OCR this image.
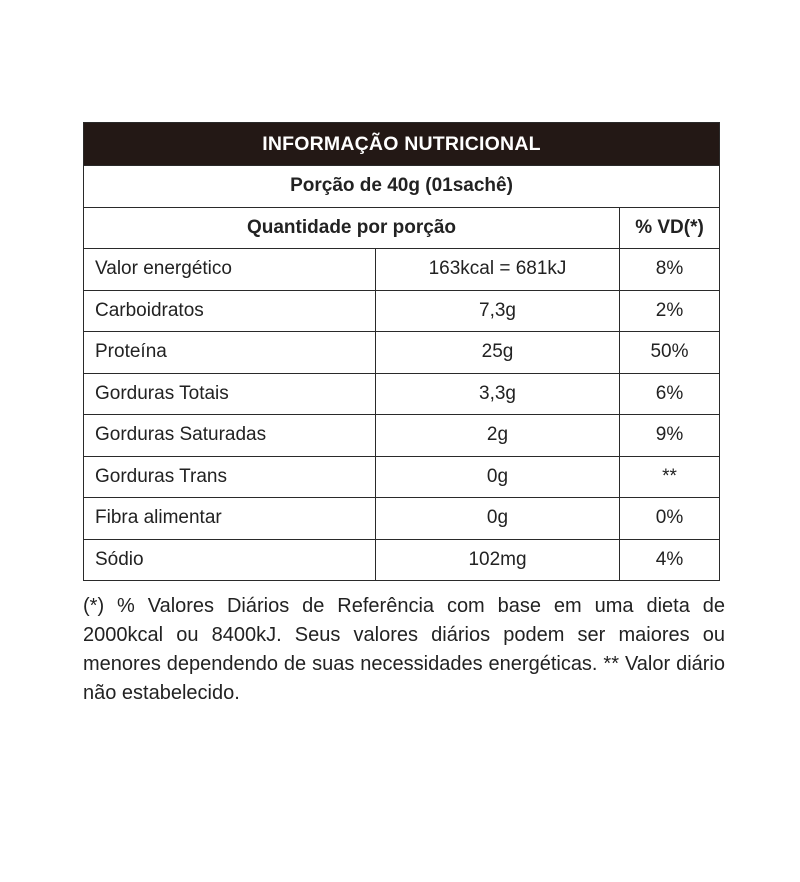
INFORMAÇÃO NUTRICIONAL		
Porção de 40g (01sachê)		
Quantidade por porção		% VD(*)
Valor energético	163kcal = 681kJ	8%
Carboidratos	7,3g	2%
Proteína	25g	50%
Gorduras Totais	3,3g	6%
Gorduras Saturadas	2g	9%
Gorduras Trans	0g	**
Fibra alimentar	0g	0%
Sódio	102mg	4%

(*) % Valores Diários de Referência com base em uma dieta de 2000kcal ou 8400kJ. Seus valores diários podem ser maiores ou menores dependendo de suas necessidades energéticas. ** Valor diário não estabelecido.
